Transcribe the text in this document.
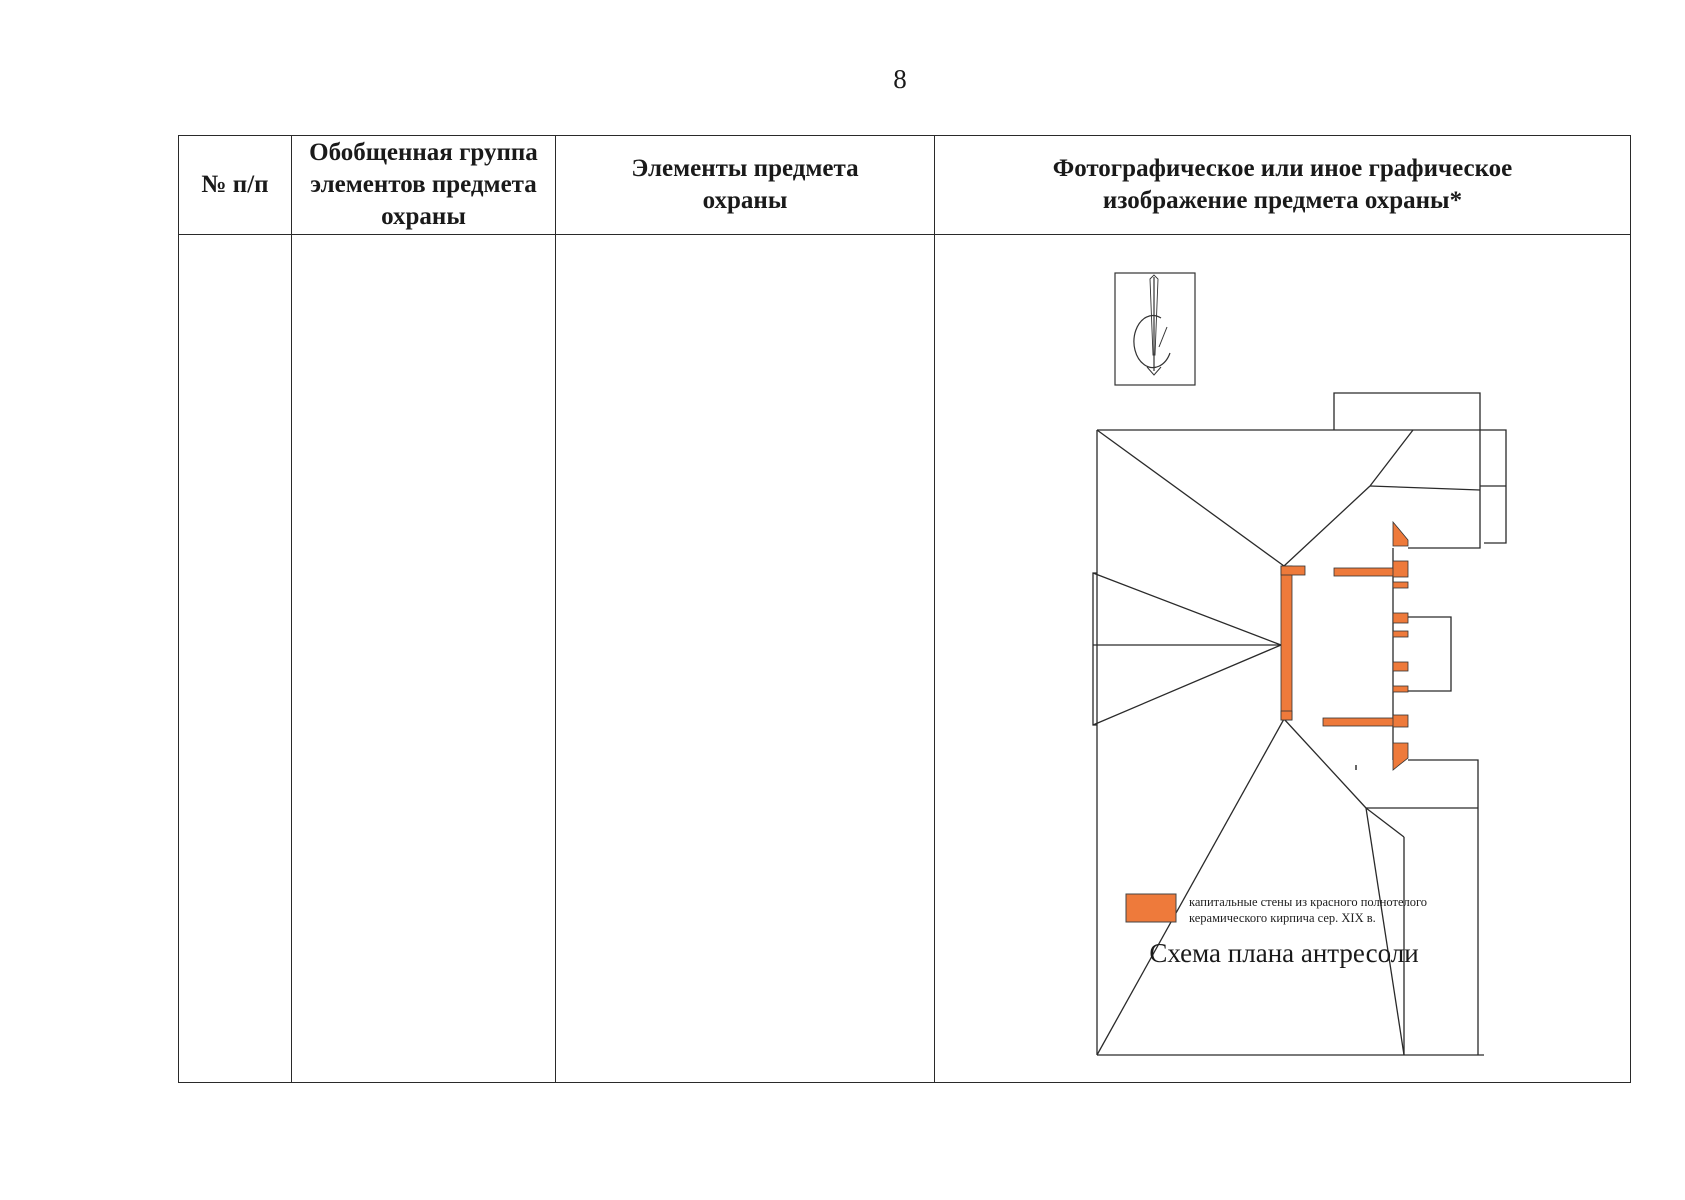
8
№ п/п	Обобщенная группа элементов предмета охраны	Элементы предмета охраны	Фотографическое или иное графическое изображение предмета охраны*

капитальные стены из красного полнотелого
керамического кирпича сер. XIX в.
Схема плана антресоли
